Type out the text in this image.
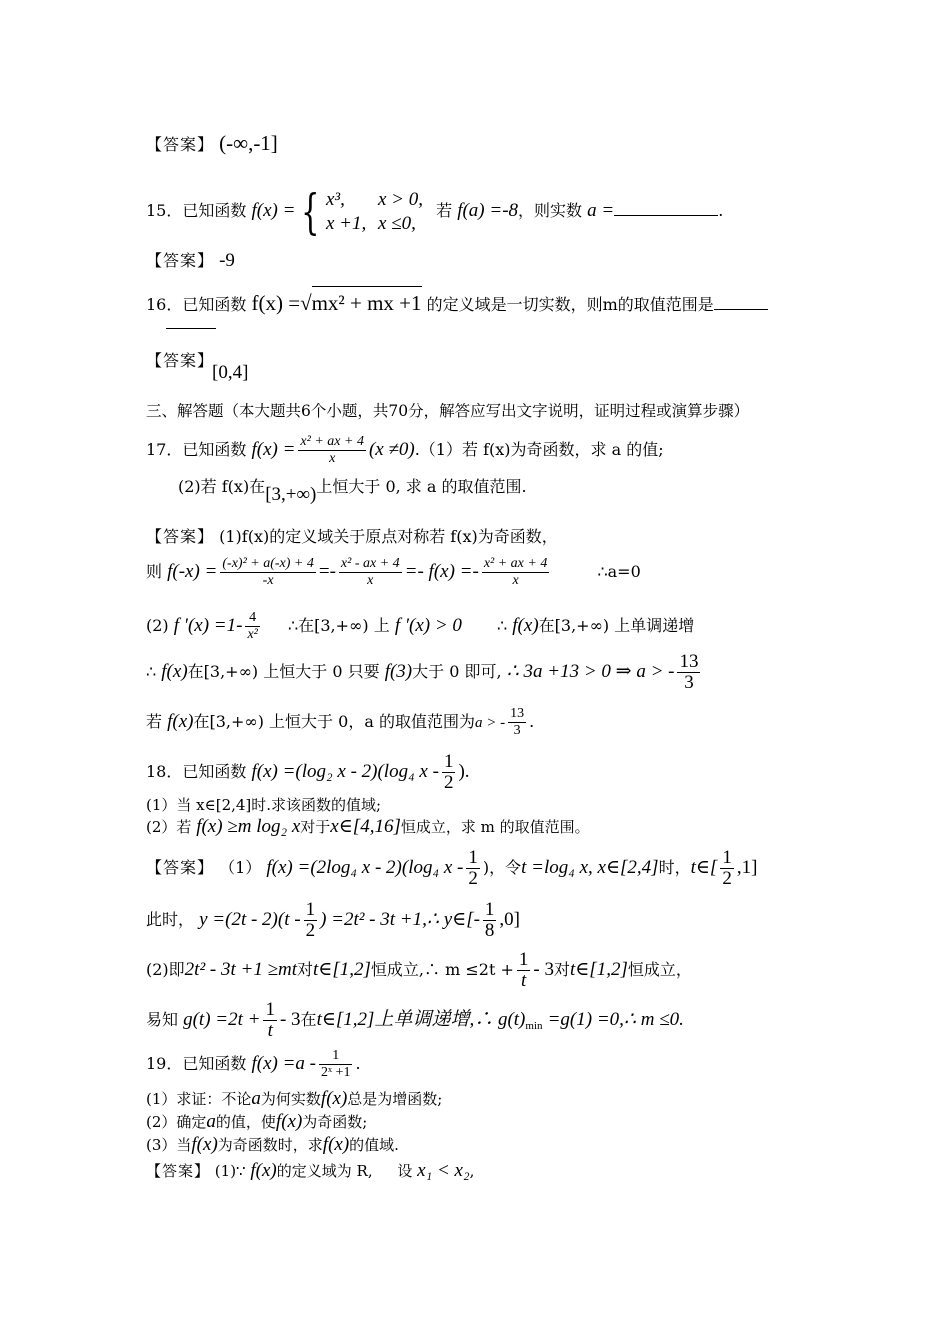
【答案】 (-∞,-1]
15．已知函数 f(x) = { x³, x > 0,
x +1, x ≤0,
若 f(a) =-8，则实数 a =	.
【答案】 -9
16．已知函数 f(x) =√mx² + mx +1 的定义域是一切实数，则m的取值范围是
【答案】
[0,4]
三、解答题（本大题共6个小题，共70分，解答应写出文字说明，证明过程或演算步骤）
17．已知函数 $f(x) = \frac{\text{x² + ax + 4}}{x} (x \ne 0).(1)$若 f(x)为奇函数，求 a 的值;
(2)若 f(x)在[3,+∞)上恒大于 0, 求 a 的取值范围.
【答案】 (1)f(x)的定义域关于原点对称若 f(x)为奇函数，
则 $f(-x) = \frac{\text{(-x)² + a(-x) + 4}}{-x} =- \frac{\text{x² - ax + 4}}{x} =- f(x) =- \frac{\text{x² + ax + 4}}{x}$	∴a=0
(2) f $'(x) =1- \frac{4}{\text{x²}}$ ∴在[3,+∞) 上 f ′(x) > 0 ∴ f(x)在[3,+∞) 上单调递增
∴ f(x)在[3,+∞) 上恒大于 0 只要 f(3)大于 0 即可, ∴ 3a +13 > 0 ⇒ a > - $\frac{13}{3}$
若 f(x)在[3,+∞) 上恒大于 0，a 的取值范围为a > - $\frac{13}{3}$ .
18．已知函数 f(x) =(log₂ x - 2)(log₄ x - $\frac{1}{2}$ ).
(1）当 x∈[2,4]时.求该函数的值域;
(2）若 f(x) ≥m log₂ x对于x∈[4,16]恒成立，求 m 的取值范围。
【答案】 （1） f(x) =(2log₄ x - 2)(log₄ x - $\frac{1}{2}$ )，令t =log₄ x, x∈[2,4]时，t∈[ $\frac{1}{2} ,1$]
此时， $y =(2t - 2)(t - \frac{1}{2}$ ) =2t² - 3t +1,∴ y∈[- $\frac{1}{8} ,0$]
(2)即2t² - 3t +1 ≥mt对t∈[1,2]恒成立,∴ $m \le 2t + \frac{1}{t} - 3$对t∈[1,2]恒成立，
易知 $g(t) =2t + \frac{1}{t} - 3$在t∈[1,2]上单调递增,∴ $g(t)_{min} =g(1)$ =0,∴ m ≤0.
19．已知函数 $f(x) =a - \frac{1}{\text{2ˣ +1}}$ .
(1）求证：不论a为何实数f(x)总是为增函数;
(2）确定a的值，使f(x)为奇函数;
(3）当f(x)为奇函数时，求f(x)的值域.
【答案】 (1)∵ f(x)的定义域为 R, 设 x₁ < x₂,
